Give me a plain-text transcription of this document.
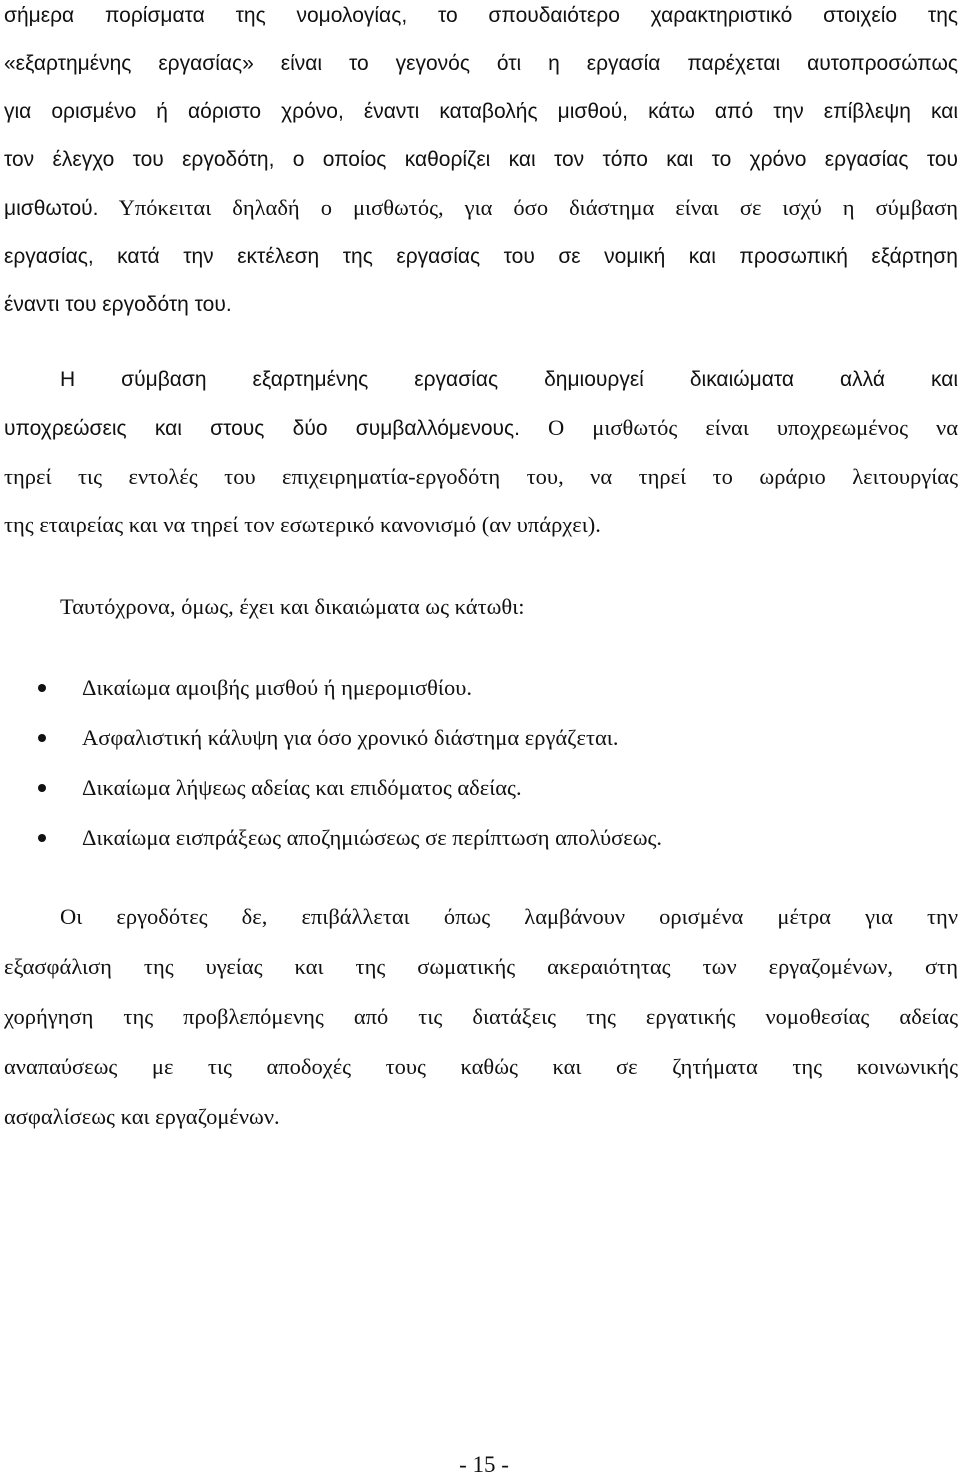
σήμερα πορίσματα της νομολογίας, το σπουδαιότερο χαρακτηριστικό στοιχείο της
«εξαρτημένης εργασίας» είναι το γεγονός ότι η εργασία παρέχεται αυτοπροσώπως
για ορισμένο ή αόριστο χρόνο, έναντι καταβολής μισθού, κάτω από την επίβλεψη και
τον έλεγχο του εργοδότη, ο οποίος καθορίζει και τον τόπο και το χρόνο εργασίας του
μισθωτού. Υπόκειται δηλαδή ο μισθωτός, για όσο διάστημα είναι σε ισχύ η σύμβαση
εργασίας, κατά την εκτέλεση της εργασίας του σε νομική και προσωπική εξάρτηση
έναντι του εργοδότη του.
Η σύμβαση εξαρτημένης εργασίας δημιουργεί δικαιώματα αλλά και
υποχρεώσεις και στους δύο συμβαλλόμενους. Ο μισθωτός είναι υποχρεωμένος να
τηρεί τις εντολές του επιχειρηματία-εργοδότη του, να τηρεί το ωράριο λειτουργίας
της εταιρείας και να τηρεί τον εσωτερικό κανονισμό (αν υπάρχει).

Ταυτόχρονα, όμως, έχει και δικαιώματα ως κάτωθι:

Δικαίωμα αμοιβής μισθού ή ημερομισθίου.
Ασφαλιστική κάλυψη για όσο χρονικό διάστημα εργάζεται.
Δικαίωμα λήψεως αδείας και επιδόματος αδείας.
Δικαίωμα εισπράξεως αποζημιώσεως σε περίπτωση απολύσεως.
Οι εργοδότες δε, επιβάλλεται όπως λαμβάνουν ορισμένα μέτρα για την
εξασφάλιση της υγείας και της σωματικής ακεραιότητας των εργαζομένων, στη
χορήγηση της προβλεπόμενης από τις διατάξεις της εργατικής νομοθεσίας αδείας
αναπαύσεως με τις αποδοχές τους καθώς και σε ζητήματα της κοινωνικής
ασφαλίσεως και εργαζομένων.
- 15 -
